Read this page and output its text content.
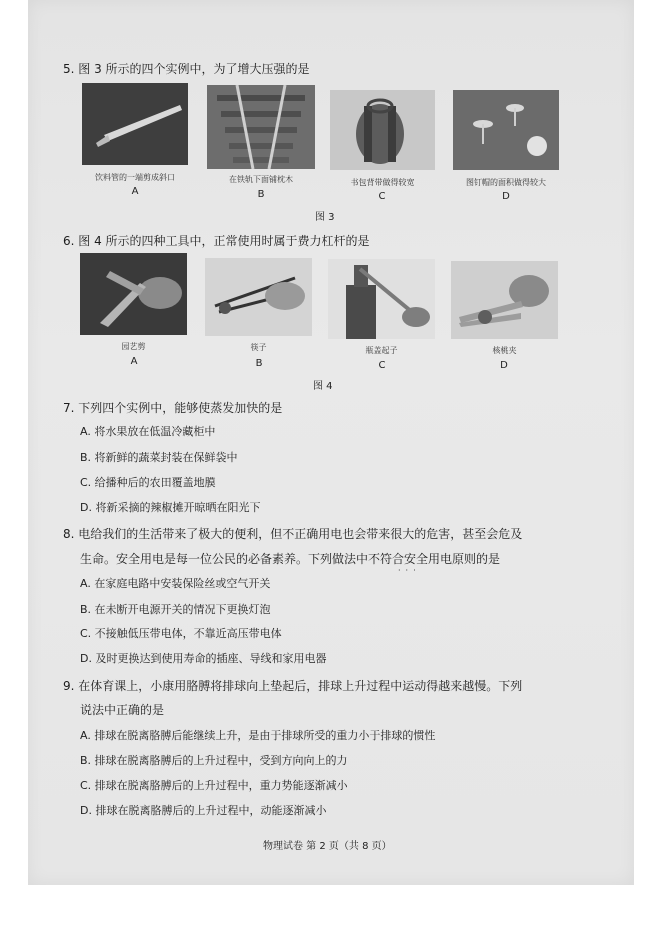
5. 图 3 所示的四个实例中，为了增大压强的是
饮料管的一端剪成斜口	在铁轨下面铺枕木	书包背带做得较宽	图钉帽的面积做得较大
A	B	C	D
图 3
6. 图 4 所示的四种工具中，正常使用时属于费力杠杆的是
园艺剪	筷子	瓶盖起子	核桃夹
A	B	C	D
图 4
7. 下列四个实例中，能够使蒸发加快的是
A. 将水果放在低温冷藏柜中
B. 将新鲜的蔬菜封装在保鲜袋中
C. 给播种后的农田覆盖地膜
D. 将新采摘的辣椒摊开晾晒在阳光下
8. 电给我们的生活带来了极大的便利，但不正确用电也会带来很大的危害，甚至会危及
生命。安全用电是每一位公民的必备素养。下列做法中不符合安全用电原则的是
···
A. 在家庭电路中安装保险丝或空气开关
B. 在未断开电源开关的情况下更换灯泡
C. 不接触低压带电体，不靠近高压带电体
D. 及时更换达到使用寿命的插座、导线和家用电器
9. 在体育课上，小康用胳膊将排球向上垫起后，排球上升过程中运动得越来越慢。下列
说法中正确的是
A. 排球在脱离胳膊后能继续上升，是由于排球所受的重力小于排球的惯性
B. 排球在脱离胳膊后的上升过程中，受到方向向上的力
C. 排球在脱离胳膊后的上升过程中，重力势能逐渐减小
D. 排球在脱离胳膊后的上升过程中，动能逐渐减小
物理试卷 第 2 页（共 8 页）
